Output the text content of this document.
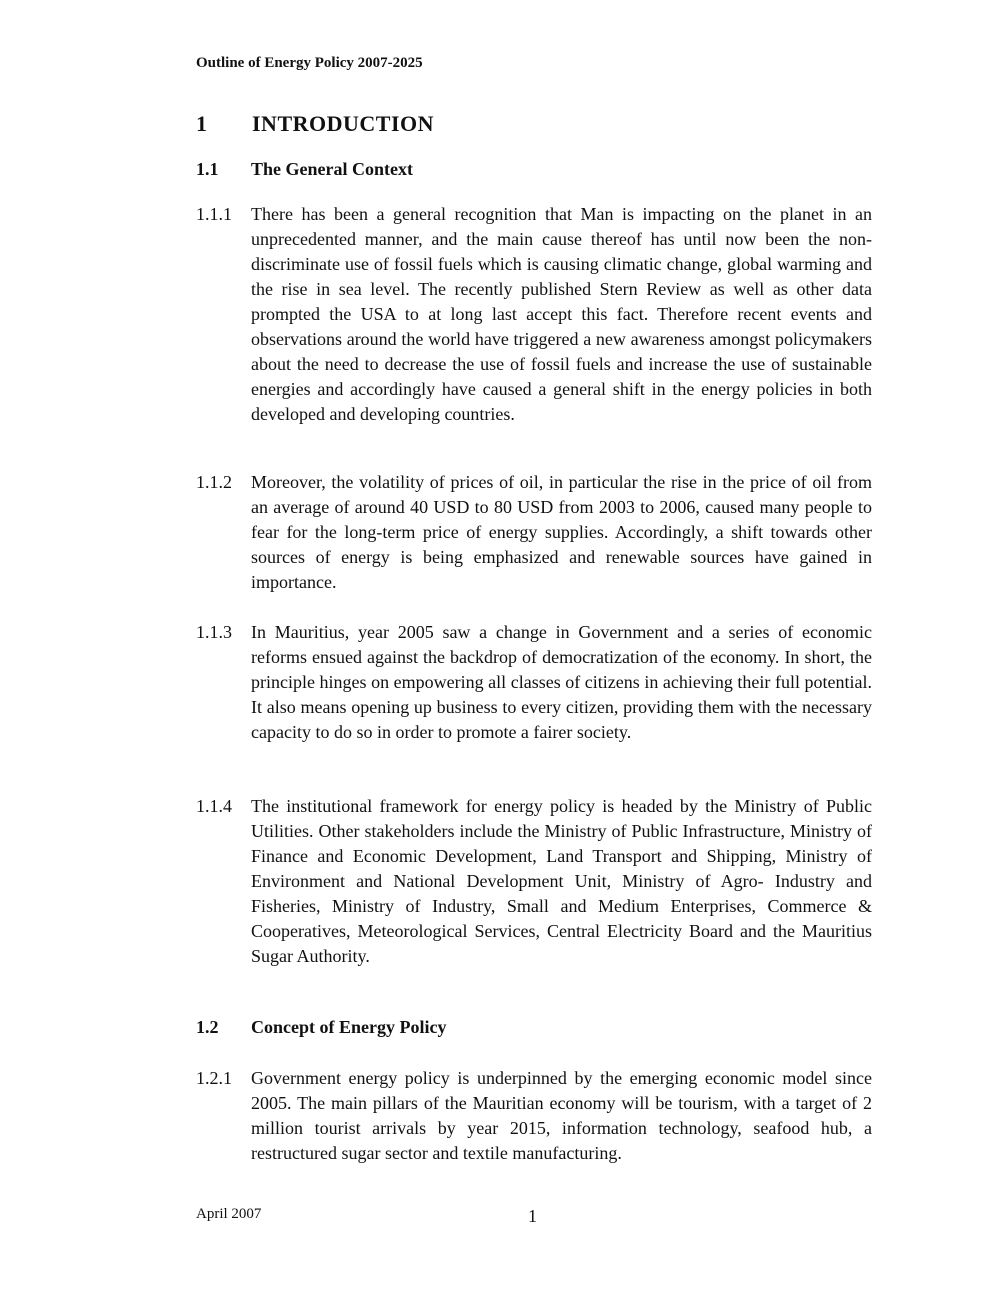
Outline of Energy Policy 2007-2025
1 INTRODUCTION
1.1 The General Context
1.1.1 There has been a general recognition that Man is impacting on the planet in an unprecedented manner, and the main cause thereof has until now been the non-discriminate use of fossil fuels which is causing climatic change, global warming and the rise in sea level. The recently published Stern Review as well as other data prompted the USA to at long last accept this fact. Therefore recent events and observations around the world have triggered a new awareness amongst policymakers about the need to decrease the use of fossil fuels and increase the use of sustainable energies and accordingly have caused a general shift in the energy policies in both developed and developing countries.
1.1.2 Moreover, the volatility of prices of oil, in particular the rise in the price of oil from an average of around 40 USD to 80 USD from 2003 to 2006, caused many people to fear for the long-term price of energy supplies. Accordingly, a shift towards other sources of energy is being emphasized and renewable sources have gained in importance.
1.1.3 In Mauritius, year 2005 saw a change in Government and a series of economic reforms ensued against the backdrop of democratization of the economy. In short, the principle hinges on empowering all classes of citizens in achieving their full potential. It also means opening up business to every citizen, providing them with the necessary capacity to do so in order to promote a fairer society.
1.1.4 The institutional framework for energy policy is headed by the Ministry of Public Utilities. Other stakeholders include the Ministry of Public Infrastructure, Ministry of Finance and Economic Development, Land Transport and Shipping, Ministry of Environment and National Development Unit, Ministry of Agro- Industry and Fisheries, Ministry of Industry, Small and Medium Enterprises, Commerce & Cooperatives, Meteorological Services, Central Electricity Board and the Mauritius Sugar Authority.
1.2 Concept of Energy Policy
1.2.1 Government energy policy is underpinned by the emerging economic model since 2005. The main pillars of the Mauritian economy will be tourism, with a target of 2 million tourist arrivals by year 2015, information technology, seafood hub, a restructured sugar sector and textile manufacturing.
April 2007	1
